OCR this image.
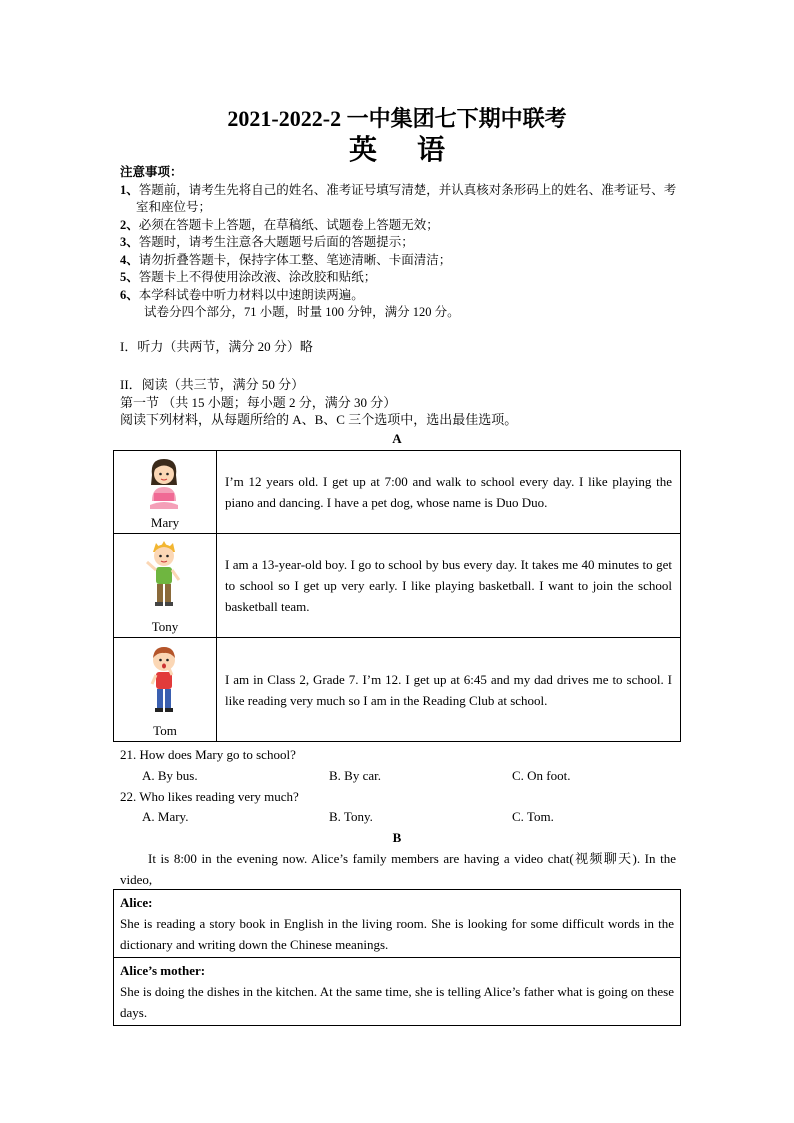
2021-2022-2 一中集团七下期中联考
英 语
注意事项：
1、答题前，请考生先将自己的姓名、准考证号填写清楚，并认真核对条形码上的姓名、准考证号、考室和座位号；
2、必须在答题卡上答题，在草稿纸、试题卷上答题无效；
3、答题时，请考生注意各大题题号后面的答题提示；
4、请勿折叠答题卡，保持字体工整、笔迹清晰、卡面清洁；
5、答题卡上不得使用涂改液、涂改胶和贴纸；
6、本学科试卷中听力材料以中速朗读两遍。
试卷分四个部分，71 小题，时量 100 分钟，满分 120 分。
I．听力（共两节，满分 20 分）略
II．阅读（共三节，满分 50 分）
第一节 （共 15 小题；每小题 2 分，满分 30 分）
阅读下列材料，从每题所给的 A、B、C 三个选项中，选出最佳选项。
A
Mary	I’m 12 years old. I get up at 7:00 and walk to school every day. I like playing the piano and dancing. I have a pet dog, whose name is Duo Duo.

Tony	I am a 13-year-old boy. I go to school by bus every day. It takes me 40 minutes to get to school so I get up very early. I like playing basketball. I want to join the school basketball team.

Tom	I am in Class 2, Grade 7. I’m 12. I get up at 6:45 and my dad drives me to school. I like reading very much so I am in the Reading Club at school.
21. How does Mary go to school?
A. By bus.	B. By car.	C. On foot.
22. Who likes reading very much?
A. Mary.	B. Tony.	C. Tom.
B
It is 8:00 in the evening now. Alice’s family members are having a video chat(视频聊天). In the video,
Alice:
She is reading a story book in English in the living room. She is looking for some difficult words in the dictionary and writing down the Chinese meanings.

Alice’s mother:
She is doing the dishes in the kitchen. At the same time, she is telling Alice’s father what is going on these days.
